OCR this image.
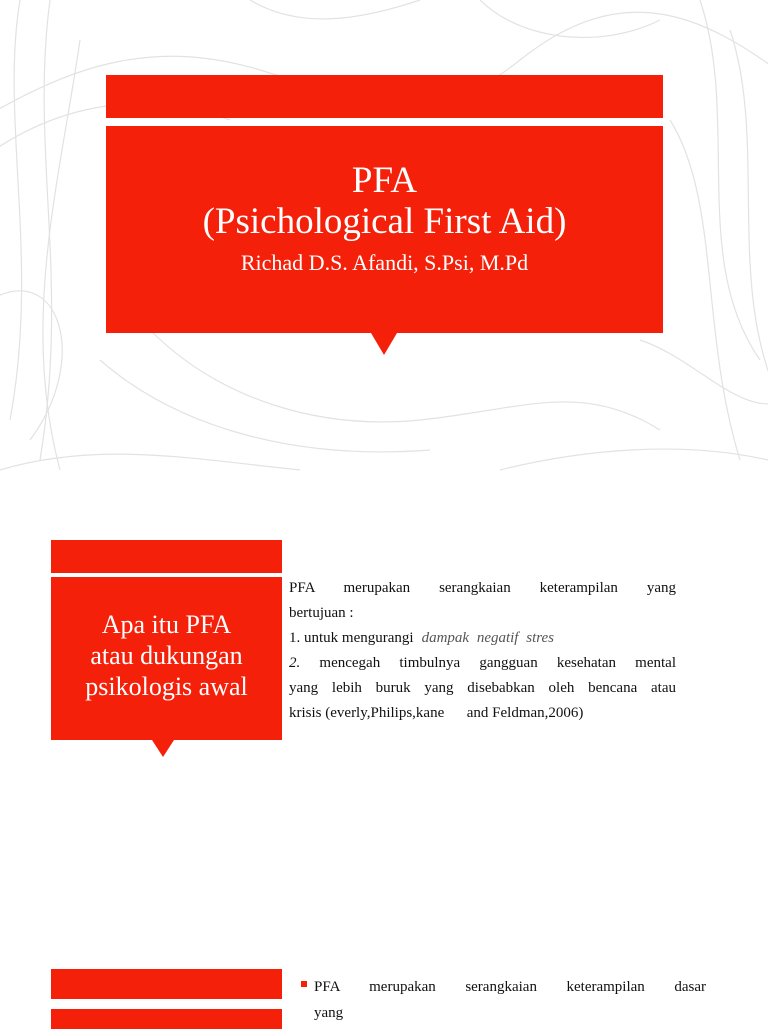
PFA
(Psichological First Aid)
Richad D.S. Afandi, S.Psi, M.Pd
Apa itu PFA
atau dukungan
psikologis awal

PFA merupakan serangkaian keterampilan yang

bertujuan :

1. untuk mengurangi dampak negatif stres

2. mencegah timbulnya gangguan kesehatan mental

yang lebih buruk yang disebabkan oleh bencana atau

krisis (everly,Philips,kane      and Feldman,2006)

PFA merupakan serangkaian keterampilan dasar

yang
